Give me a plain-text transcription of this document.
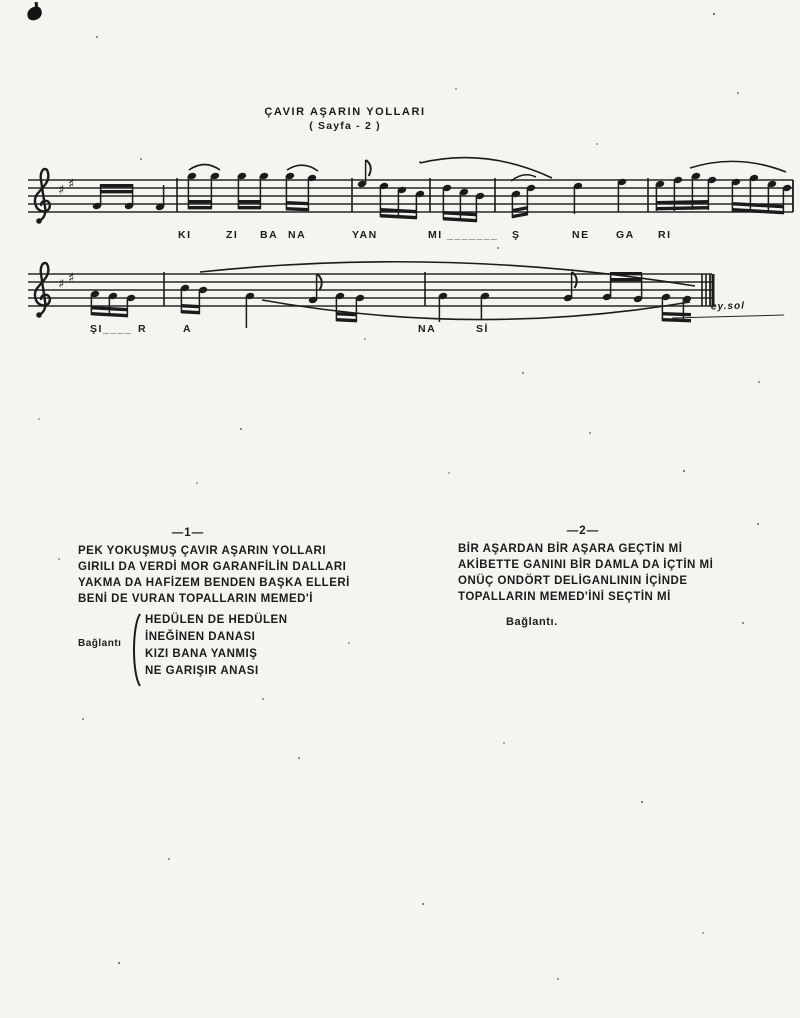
ÇAVIR AŞARIN YOLLARI
( Sayfa - 2 )
♯ ♯
KI	ZI BA NA	YAN	MI _______ Ş	NE	GA RI
♯ ♯
ŞI ____ R	A	NA	Sİ
ey.sol
—1—
PEK YOKUŞMUŞ ÇAVIR AŞARIN YOLLARI
GIRILI DA VERDİ MOR GARANFİLİN DALLARI
YAKMA DA HAFİZEM BENDEN BAŞKA ELLERİ
BENİ DE VURAN TOPALLARIN MEMED'İ
Bağlantı
HEDÜLEN DE HEDÜLEN
İNEĞİNEN DANASI
KIZI BANA YANMIŞ
NE GARIŞIR ANASI
—2—
BİR AŞARDAN BİR AŞARA GEÇTİN Mİ
AKİBETTE GANINI BİR DAMLA DA İÇTİN Mİ
ONÜÇ ONDÖRT DELİGANLININ İÇİNDE
TOPALLARIN MEMED'İNİ SEÇTİN Mİ
Bağlantı.
